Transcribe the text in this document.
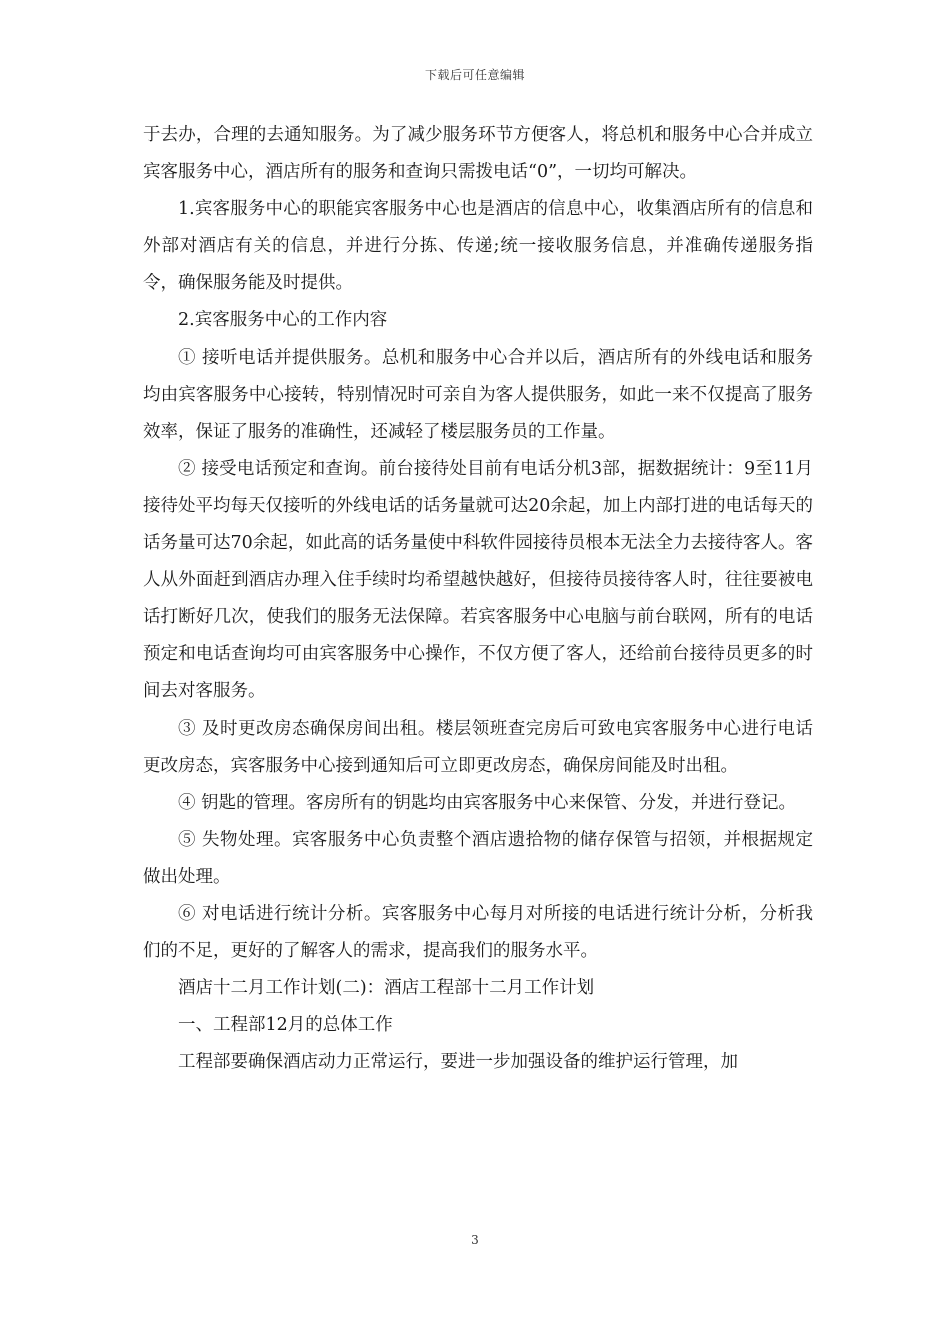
下载后可任意编辑

于去办，合理的去通知服务。为了减少服务环节方便客人，将总机和服务中心合并成立宾客服务中心，酒店所有的服务和查询只需拨电话“0”，一切均可解决。

1.宾客服务中心的职能宾客服务中心也是酒店的信息中心，收集酒店所有的信息和外部对酒店有关的信息，并进行分拣、传递;统一接收服务信息，并准确传递服务指令，确保服务能及时提供。

2.宾客服务中心的工作内容

① 接听电话并提供服务。总机和服务中心合并以后，酒店所有的外线电话和服务均由宾客服务中心接转，特别情况时可亲自为客人提供服务，如此一来不仅提高了服务效率，保证了服务的准确性，还减轻了楼层服务员的工作量。

② 接受电话预定和查询。前台接待处目前有电话分机3部，据数据统计：9至11月接待处平均每天仅接听的外线电话的话务量就可达20余起，加上内部打进的电话每天的话务量可达70余起，如此高的话务量使中科软件园接待员根本无法全力去接待客人。客人从外面赶到酒店办理入住手续时均希望越快越好，但接待员接待客人时，往往要被电话打断好几次，使我们的服务无法保障。若宾客服务中心电脑与前台联网，所有的电话预定和电话查询均可由宾客服务中心操作，不仅方便了客人，还给前台接待员更多的时间去对客服务。

③ 及时更改房态确保房间出租。楼层领班查完房后可致电宾客服务中心进行电话更改房态，宾客服务中心接到通知后可立即更改房态，确保房间能及时出租。

④ 钥匙的管理。客房所有的钥匙均由宾客服务中心来保管、分发，并进行登记。

⑤ 失物处理。宾客服务中心负责整个酒店遗拾物的储存保管与招领，并根据规定做出处理。

⑥ 对电话进行统计分析。宾客服务中心每月对所接的电话进行统计分析，分析我们的不足，更好的了解客人的需求，提高我们的服务水平。

酒店十二月工作计划(二)：酒店工程部十二月工作计划

一、工程部12月的总体工作

工程部要确保酒店动力正常运行，要进一步加强设备的维护运行管理，加

3
